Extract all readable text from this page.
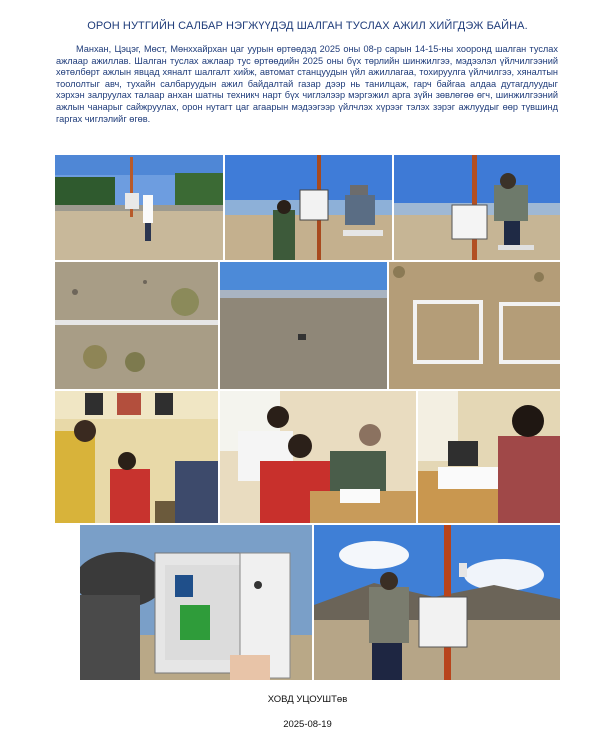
ОРОН НУТГИЙН САЛБАР НЭГЖҮҮДЭД ШАЛГАН ТУСЛАХ АЖИЛ ХИЙГДЭЖ БАЙНА.
Манхан, Цэцэг, Мөст, Мөнххайрхан цаг уурын өртөөдэд 2025 оны 08-р сарын 14-15-ны хооронд шалган туслах ажлаар ажиллав. Шалган туслах ажлаар тус өртөөдийн 2025 оны бүх төрлийн шинжилгээ, мэдээлэл үйлчилгээний хөтөлбөрт ажлын явцад хяналт шалгалт хийж, автомат станцуудын үйл ажиллагаа, тохируулга үйлчилгээ, хяналтын тоололтыг авч, тухайн салбаруудын ажил байдалтай газар дээр нь танилцаж, гарч байгаа алдаа дутагдлуудыг хэрхэн залруулах талаар анхан шатны техникч нарт бүх чиглэлээр мэргэжил арга зүйн зөвлөгөө өгч, шинжилгээний ажлын чанарыг сайжруулах, орон нутагт цаг агаарын мэдээгээр үйлчлэх хүрээг тэлэх зэрэг ажлуудыг өөр түвшинд гаргах чиглэлийг өгөв.
ХОВД УЦОУШТөв
2025-08-19
